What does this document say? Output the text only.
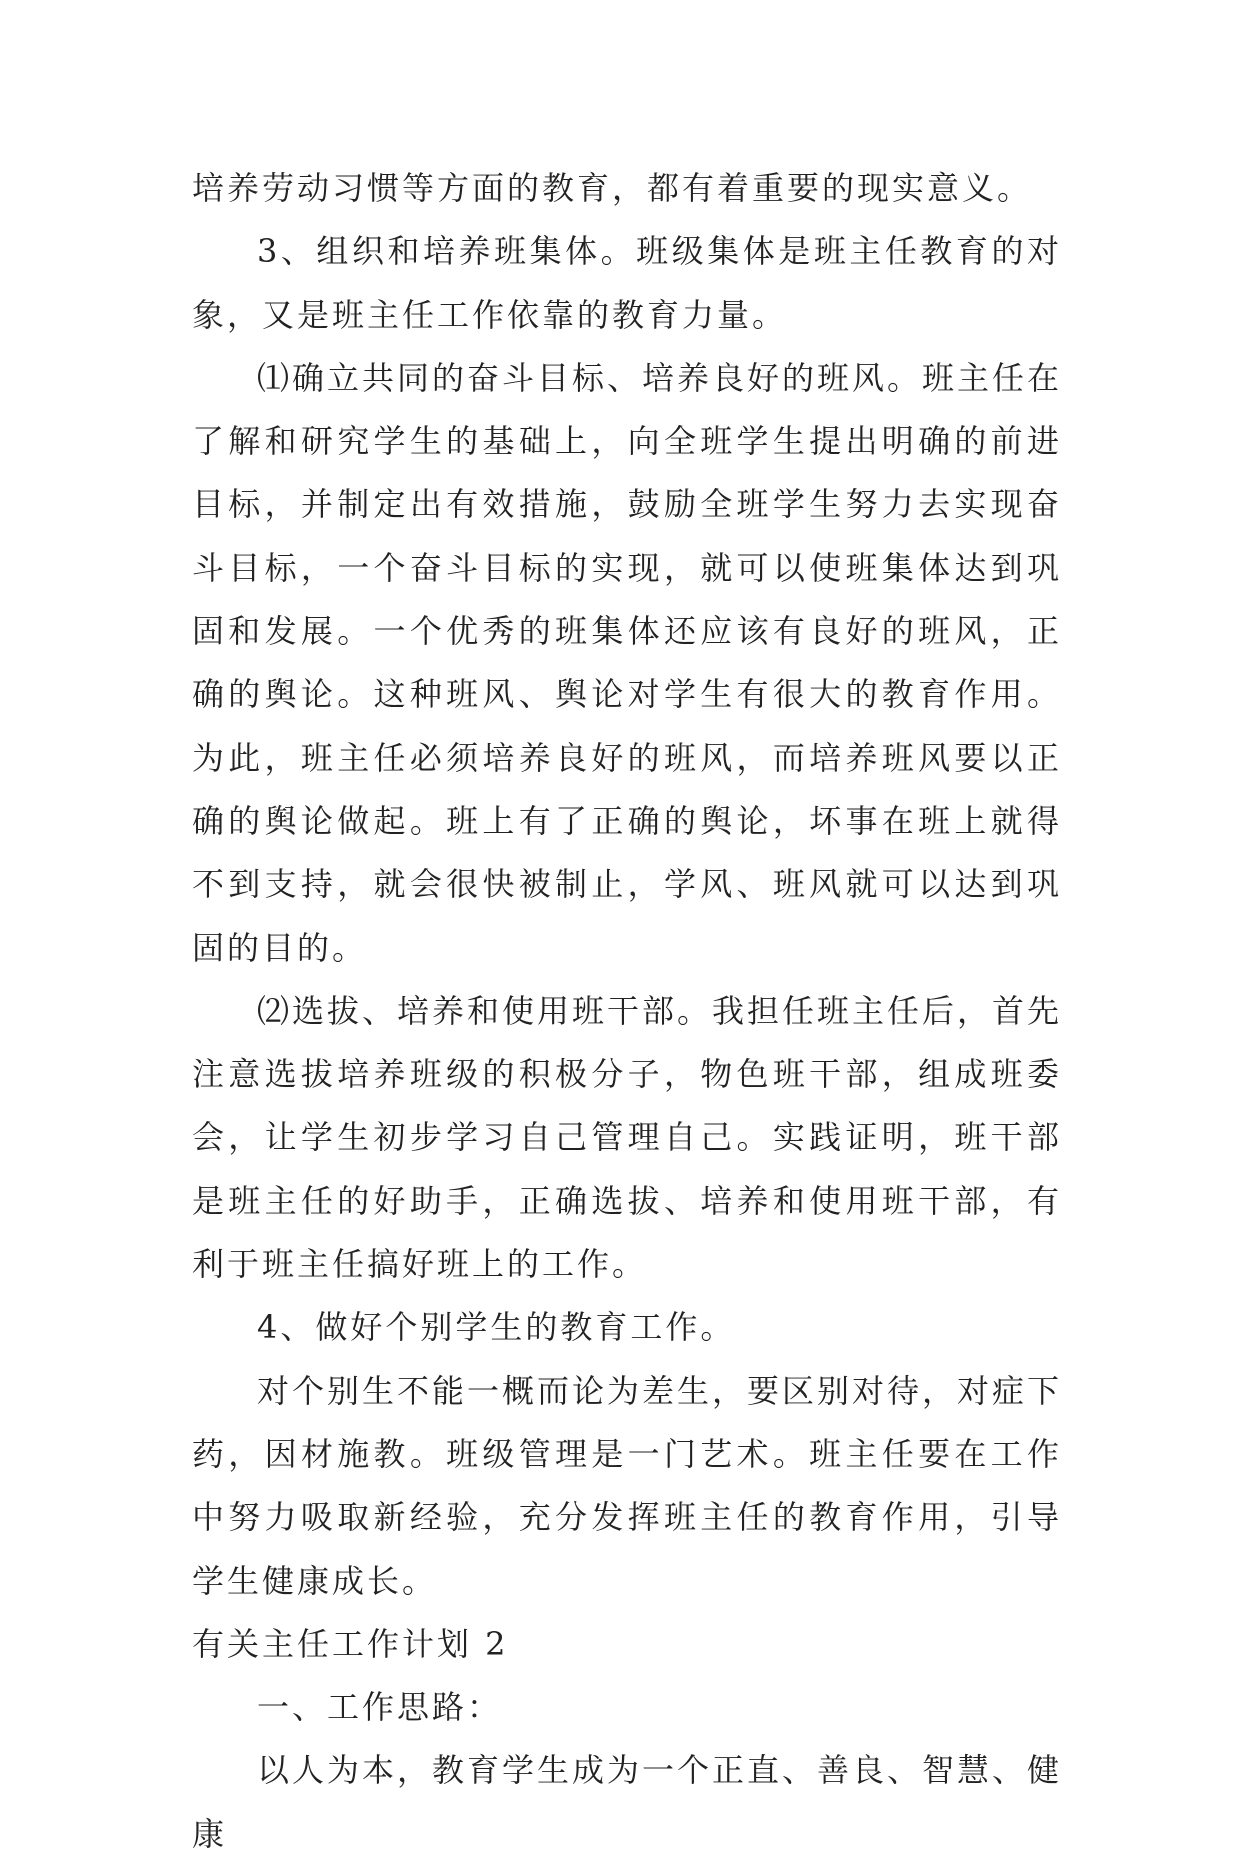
培养劳动习惯等方面的教育，都有着重要的现实意义。

3、组织和培养班集体。班级集体是班主任教育的对象，又是班主任工作依靠的教育力量。

⑴确立共同的奋斗目标、培养良好的班风。班主任在了解和研究学生的基础上，向全班学生提出明确的前进目标，并制定出有效措施，鼓励全班学生努力去实现奋斗目标，一个奋斗目标的实现，就可以使班集体达到巩固和发展。一个优秀的班集体还应该有良好的班风，正确的舆论。这种班风、舆论对学生有很大的教育作用。为此，班主任必须培养良好的班风，而培养班风要以正确的舆论做起。班上有了正确的舆论，坏事在班上就得不到支持，就会很快被制止，学风、班风就可以达到巩固的目的。

⑵选拔、培养和使用班干部。我担任班主任后，首先注意选拔培养班级的积极分子，物色班干部，组成班委会，让学生初步学习自己管理自己。实践证明，班干部是班主任的好助手，正确选拔、培养和使用班干部，有利于班主任搞好班上的工作。

4、做好个别学生的教育工作。

对个别生不能一概而论为差生，要区别对待，对症下药，因材施教。班级管理是一门艺术。班主任要在工作中努力吸取新经验，充分发挥班主任的教育作用，引导学生健康成长。

有关主任工作计划 2

一、工作思路：

以人为本，教育学生成为一个正直、善良、智慧、健康
